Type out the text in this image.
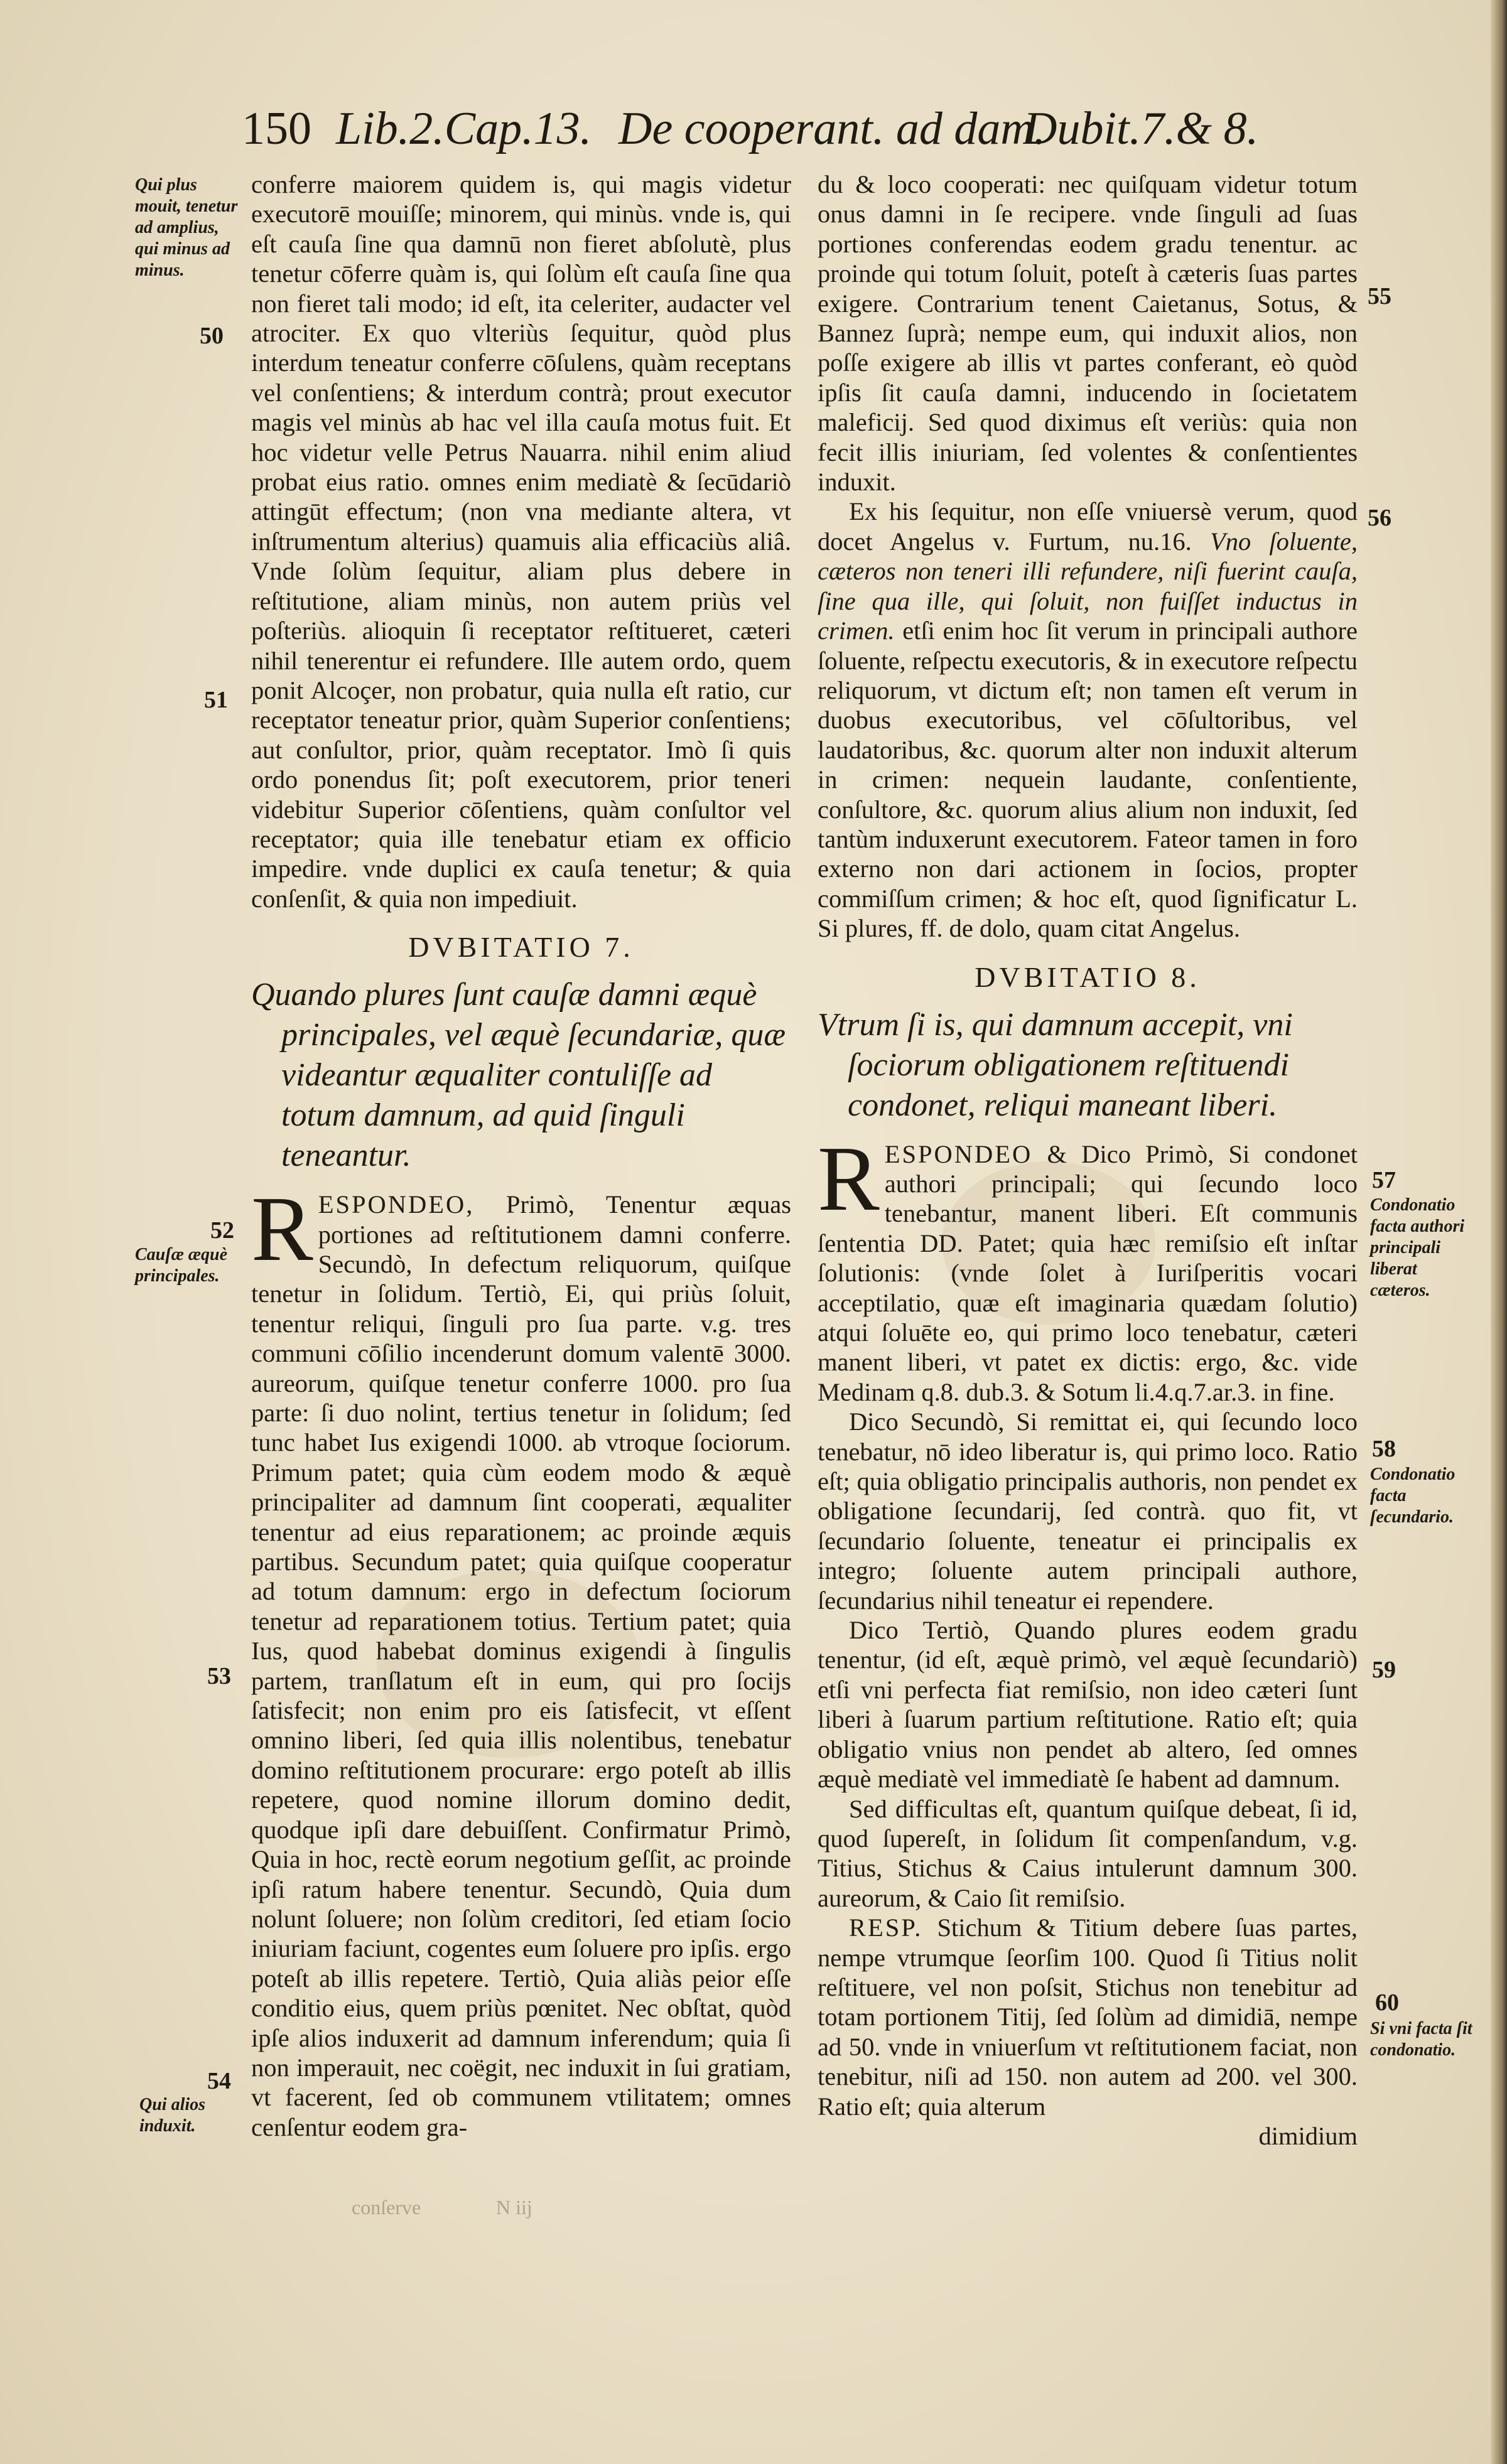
150 Lib.2.Cap.13. De cooperant. ad dam.
Dubit.7.& 8.

conferre maiorem quidem is, qui magis videtur executorē mouiſſe; minorem, qui minùs. vnde is, qui eſt cauſa ſine qua damnū non fieret abſolutè, plus tenetur cōferre quàm is, qui ſolùm eſt cauſa ſine qua non fieret tali modo; id eſt, ita celeriter, audacter vel atrociter. Ex quo vlteriùs ſequitur, quòd plus interdum teneatur conferre cōſulens, quàm receptans vel conſentiens; & interdum contrà; prout executor magis vel minùs ab hac vel illa cauſa motus fuit. Et hoc videtur velle Petrus Nauarra. nihil enim aliud probat eius ratio. omnes enim mediatè & ſecūdariò attingūt effectum; (non vna mediante altera, vt inſtrumentum alterius) quamuis alia efficaciùs aliâ. Vnde ſolùm ſequitur, aliam plus debere in reſtitutione, aliam minùs, non autem priùs vel poſteriùs. alioquin ſi receptator reſtitueret, cæteri nihil tenerentur ei refundere. Ille autem ordo, quem ponit Alcoçer, non probatur, quia nulla eſt ratio, cur receptator teneatur prior, quàm Superior conſentiens; aut conſultor, prior, quàm receptator. Imò ſi quis ordo ponendus ſit; poſt executorem, prior teneri videbitur Superior cōſentiens, quàm conſultor vel receptator; quia ille tenebatur etiam ex officio impedire. vnde duplici ex cauſa tenetur; & quia conſenſit, & quia non impediuit.

DVBITATIO 7.
Quando plures ſunt cauſæ damni æquè principales, vel æquè ſecundariæ, quæ videantur æqualiter contuliſſe ad totum damnum, ad quid ſinguli teneantur.

RESPONDEO, Primò, Tenentur æquas portiones ad reſtitutionem damni conferre. Secundò, In defectum reliquorum, quiſque tenetur in ſolidum. Tertiò, Ei, qui priùs ſoluit, tenentur reliqui, ſinguli pro ſua parte. v.g. tres communi cōſilio incenderunt domum valentē 3000. aureorum, quiſque tenetur conferre 1000. pro ſua parte: ſi duo nolint, tertius tenetur in ſolidum; ſed tunc habet Ius exigendi 1000. ab vtroque ſociorum. Primum patet; quia cùm eodem modo & æquè principaliter ad damnum ſint cooperati, æqualiter tenentur ad eius reparationem; ac proinde æquis partibus. Secundum patet; quia quiſque cooperatur ad totum damnum: ergo in defectum ſociorum tenetur ad reparationem totius. Tertium patet; quia Ius, quod habebat dominus exigendi à ſingulis partem, tranſlatum eſt in eum, qui pro ſocijs ſatisfecit; non enim pro eis ſatisfecit, vt eſſent omnino liberi, ſed quia illis nolentibus, tenebatur domino reſtitutionem procurare: ergo poteſt ab illis repetere, quod nomine illorum domino dedit, quodque ipſi dare debuiſſent. Confirmatur Primò, Quia in hoc, rectè eorum negotium geſſit, ac proinde ipſi ratum habere tenentur. Secundò, Quia dum nolunt ſoluere; non ſolùm creditori, ſed etiam ſocio iniuriam faciunt, cogentes eum ſoluere pro ipſis. ergo poteſt ab illis repetere. Tertiò, Quia aliàs peior eſſe conditio eius, quem priùs pœnitet. Nec obſtat, quòd ipſe alios induxerit ad damnum inferendum; quia ſi non imperauit, nec coëgit, nec induxit in ſui gratiam, vt facerent, ſed ob communem vtilitatem; omnes cenſentur eodem gra-

du & loco cooperati: nec quiſquam videtur totum onus damni in ſe recipere. vnde ſinguli ad ſuas portiones conferendas eodem gradu tenentur. ac proinde qui totum ſoluit, poteſt à cæteris ſuas partes exigere. Contrarium tenent Caietanus, Sotus, & Bannez ſuprà; nempe eum, qui induxit alios, non poſſe exigere ab illis vt partes conferant, eò quòd ipſis ſit cauſa damni, inducendo in ſocietatem maleficij. Sed quod diximus eſt veriùs: quia non fecit illis iniuriam, ſed volentes & conſentientes induxit.

Ex his ſequitur, non eſſe vniuersè verum, quod docet Angelus v. Furtum, nu.16. Vno ſoluente, cæteros non teneri illi refundere, niſi fuerint cauſa, ſine qua ille, qui ſoluit, non fuiſſet inductus in crimen. etſi enim hoc ſit verum in principali authore ſoluente, reſpectu executoris, & in executore reſpectu reliquorum, vt dictum eſt; non tamen eſt verum in duobus executoribus, vel cōſultoribus, vel laudatoribus, &c. quorum alter non induxit alterum in crimen: nequein laudante, conſentiente, conſultore, &c. quorum alius alium non induxit, ſed tantùm induxerunt executorem. Fateor tamen in foro externo non dari actionem in ſocios, propter commiſſum crimen; & hoc eſt, quod ſignificatur L. Si plures, ff. de dolo, quam citat Angelus.

DVBITATIO 8.
Vtrum ſi is, qui damnum accepit, vni ſociorum obligationem reſtituendi condonet, reliqui maneant liberi.

RESPONDEO & Dico Primò, Si condonet authori principali; qui ſecundo loco tenebantur, manent liberi. Eſt communis ſententia DD. Patet; quia hæc remiſsio eſt inſtar ſolutionis: (vnde ſolet à Iuriſperitis vocari acceptilatio, quæ eſt imaginaria quædam ſolutio) atqui ſoluēte eo, qui primo loco tenebatur, cæteri manent liberi, vt patet ex dictis: ergo, &c. vide Medinam q.8. dub.3. & Sotum li.4.q.7.ar.3. in fine.

Dico Secundò, Si remittat ei, qui ſecundo loco tenebatur, nō ideo liberatur is, qui primo loco. Ratio eſt; quia obligatio principalis authoris, non pendet ex obligatione ſecundarij, ſed contrà. quo fit, vt ſecundario ſoluente, teneatur ei principalis ex integro; ſoluente autem principali authore, ſecundarius nihil teneatur ei rependere.

Dico Tertiò, Quando plures eodem gradu tenentur, (id eſt, æquè primò, vel æquè ſecundariò) etſi vni perfecta fiat remiſsio, non ideo cæteri ſunt liberi à ſuarum partium reſtitutione. Ratio eſt; quia obligatio vnius non pendet ab altero, ſed omnes æquè mediatè vel immediatè ſe habent ad damnum.

Sed difficultas eſt, quantum quiſque debeat, ſi id, quod ſupereſt, in ſolidum ſit compenſandum, v.g. Titius, Stichus & Caius intulerunt damnum 300. aureorum, & Caio ſit remiſsio.

RESP. Stichum & Titium debere ſuas partes, nempe vtrumque ſeorſim 100. Quod ſi Titius nolit reſtituere, vel non poſsit, Stichus non tenebitur ad totam portionem Titij, ſed ſolùm ad dimidiā, nempe ad 50. vnde in vniuerſum vt reſtitutionem faciat, non tenebitur, niſi ad 150. non autem ad 200. vel 300. Ratio eſt; quia alterum

dimidium

Qui plus mouit, tenetur ad amplius, qui minus ad minus.
50
51
52
Cauſæ æquè principales.
53
54
Qui alios induxit.
55
56
57
Condonatio facta authori principali liberat cæteros.
58
Condonatio facta ſecundario.
59
60
Si vni facta ſit condonatio.
N iij
conſerve
